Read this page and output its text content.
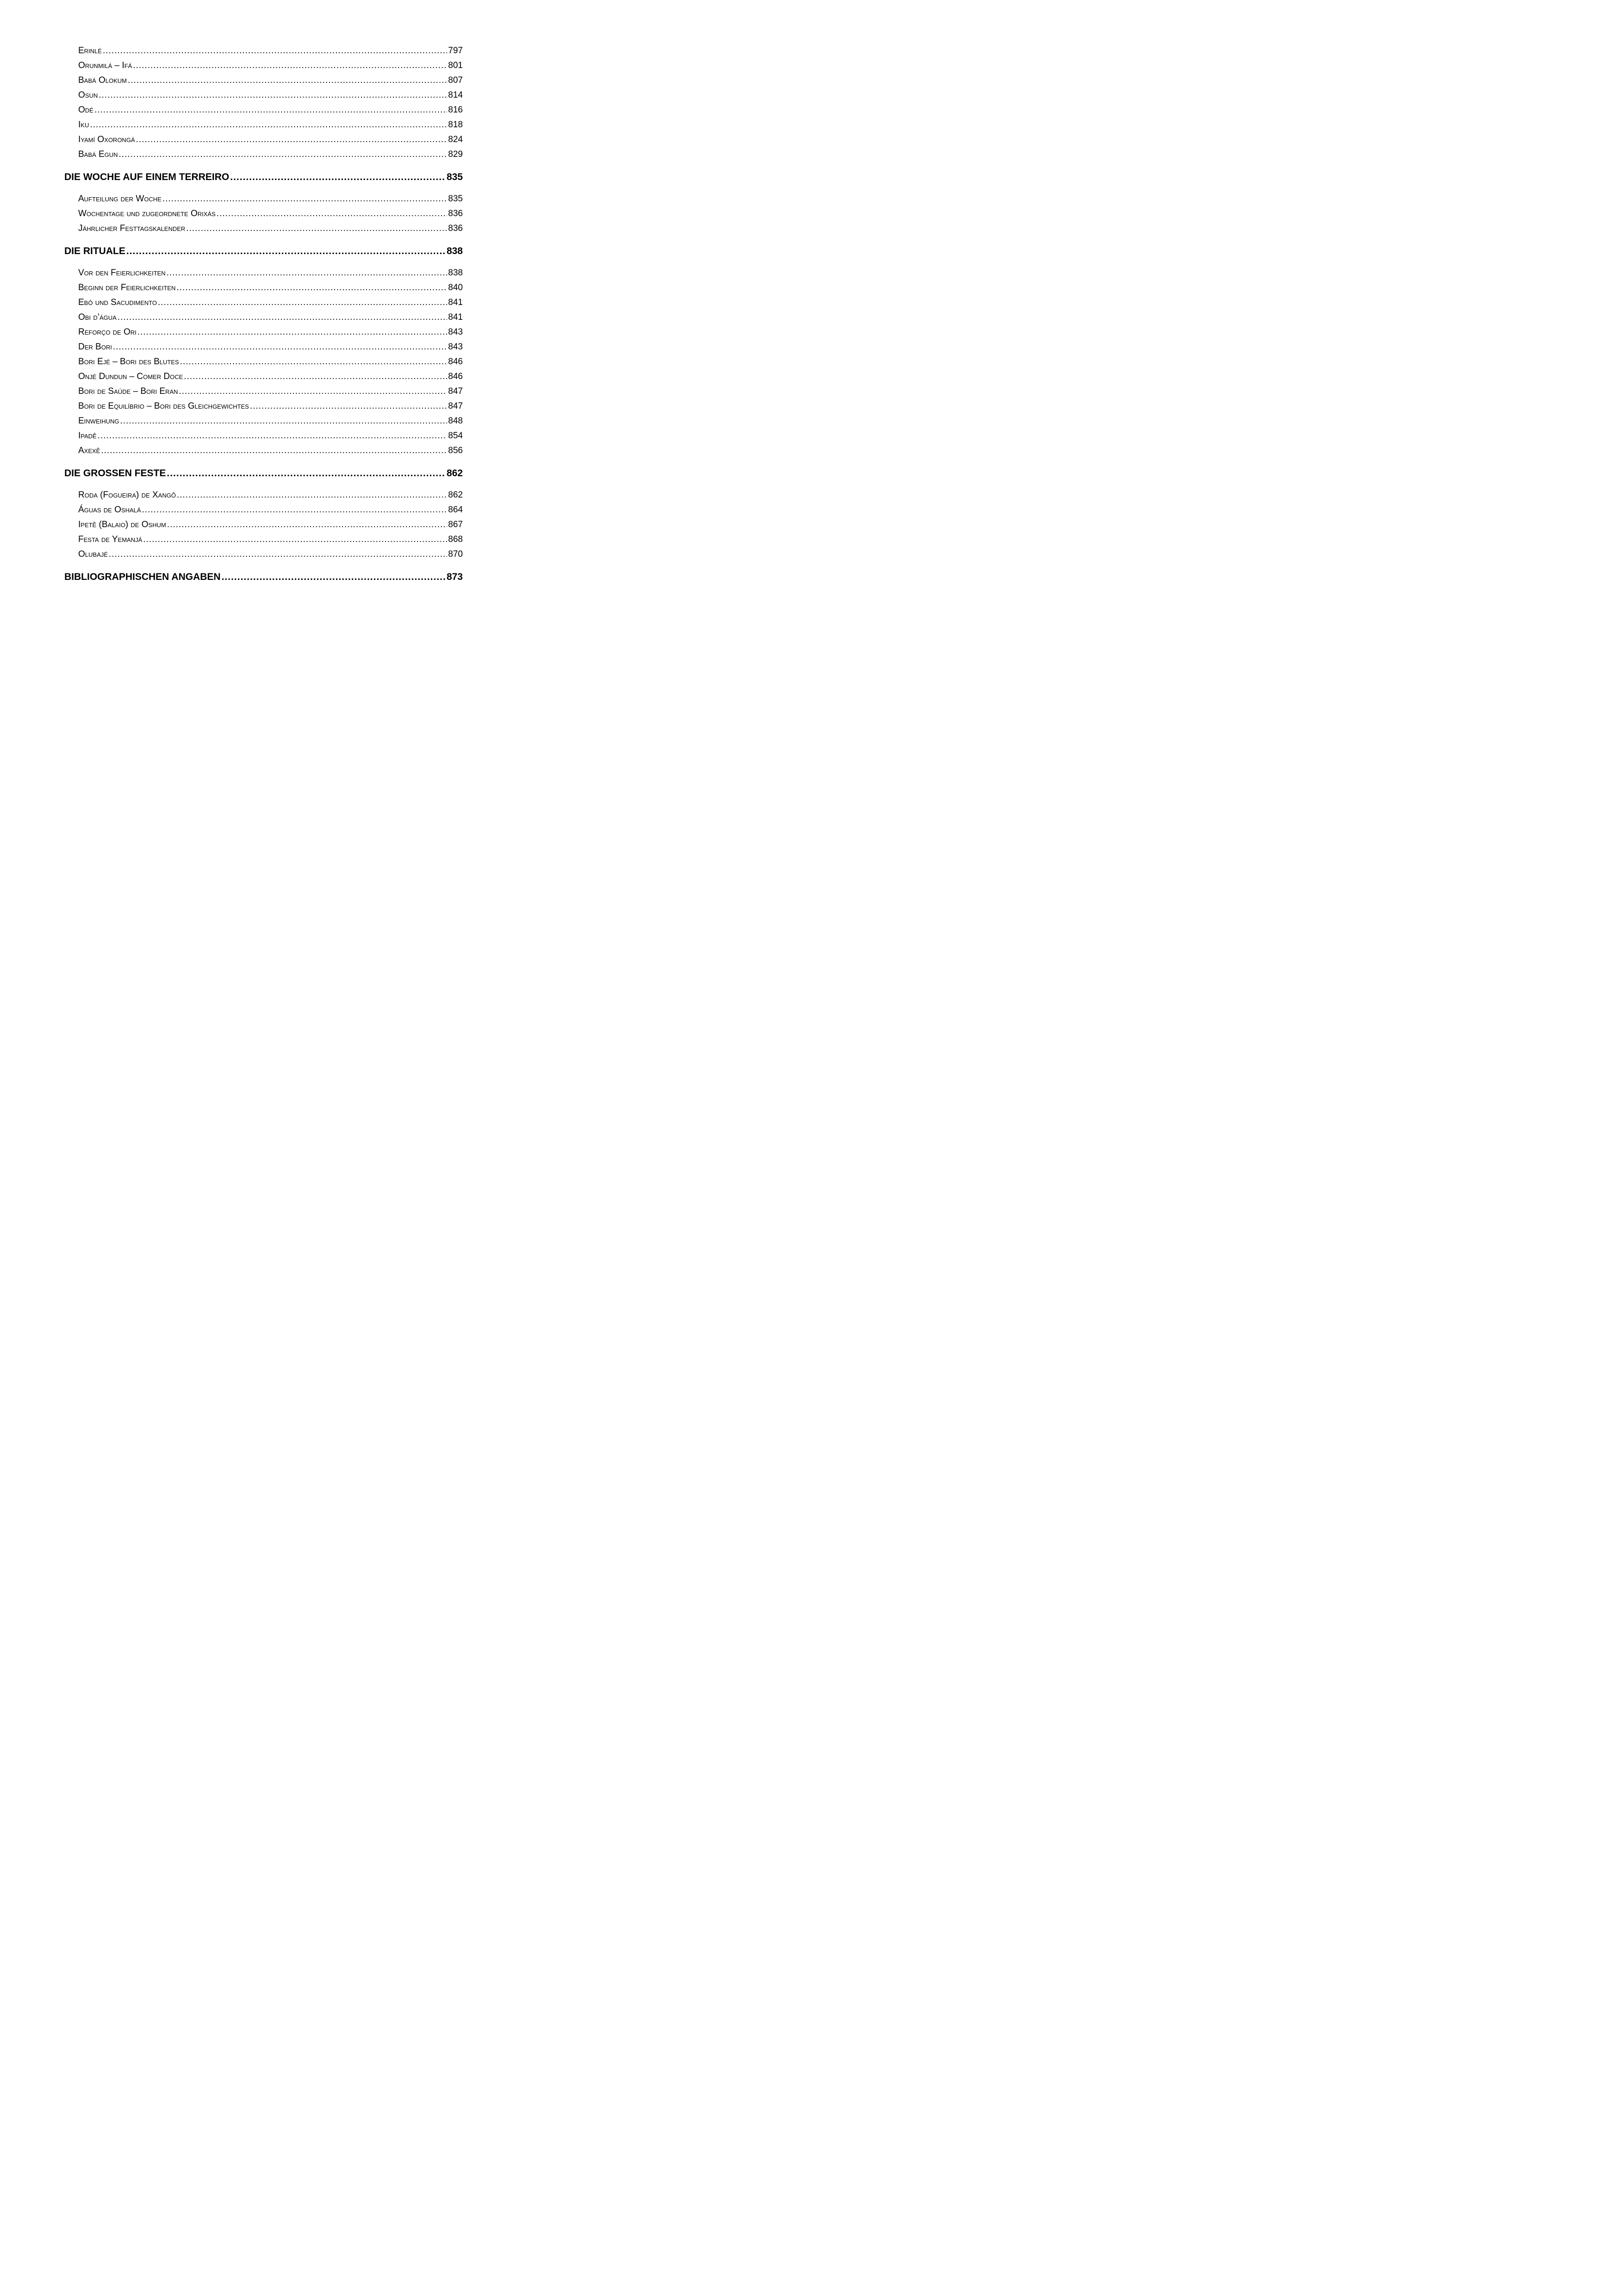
Erinlé .....	797
Orunmilá – Ifá .....	801
Babá Olokum .....	807
Osun .....	814
Odé .....	816
Iku .....	818
Iyamí Oxorongá .....	824
Babá Egun .....	829
DIE WOCHE AUF EINEM TERREIRO .....	835
Aufteilung der Woche .....	835
Wochentage und zugeordnete Orixás .....	836
Jährlicher Festtagskalender .....	836
DIE RITUALE .....	838
Vor den Feierlichkeiten .....	838
Beginn der Feierlichkeiten .....	840
Ebó und Sacudimento .....	841
Obi d’água .....	841
Reforço de Ori .....	843
Der Bori .....	843
Bori Ejé – Bori des Blutes .....	846
Onjé Dundun – Comer Doce .....	846
Bori de Saúde – Bori Eran .....	847
Bori de Equilíbrio – Bori des Gleichgewichtes .....	847
Einweihung .....	848
Ipadê .....	854
Axexê .....	856
DIE GROSSEN FESTE .....	862
Roda (Fogueira) de Xangô .....	862
Águas de Oshalá .....	864
Ipetê (Balaio) de Oshum .....	867
Festa de Yemanjá .....	868
Olubajé .....	870
BIBLIOGRAPHISCHEN ANGABEN .....	873
